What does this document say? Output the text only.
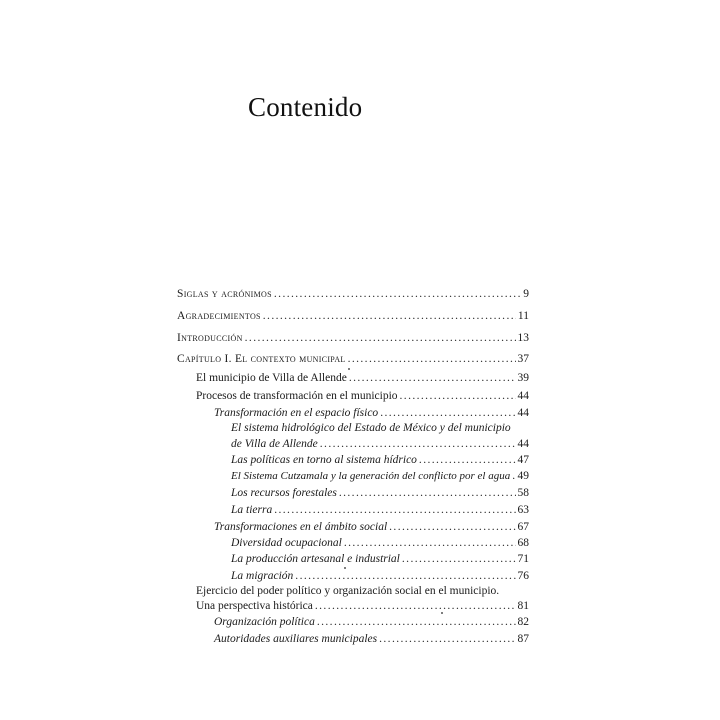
Contenido
Siglas y acrónimos .....	9
Agradecimientos .....	11
Introducción .....	13
Capítulo I. El contexto municipal .....	37
El municipio de Villa de Allende .....	39
Procesos de transformación en el municipio .....	44
Transformación en el espacio físico .....	44
El sistema hidrológico del Estado de México y del municipio
de Villa de Allende .....	44
Las políticas en torno al sistema hídrico .....	47
El Sistema Cutzamala y la generación del conflicto por el agua ..... 49
Los recursos forestales .....	58
La tierra .....	63
Transformaciones en el ámbito social .....	67
Diversidad ocupacional .....	68
La producción artesanal e industrial .....	71
La migración .....	76
Ejercicio del poder político y organización social en el municipio.
Una perspectiva histórica .....	81
Organización política .....	82
Autoridades auxiliares municipales .....	87
